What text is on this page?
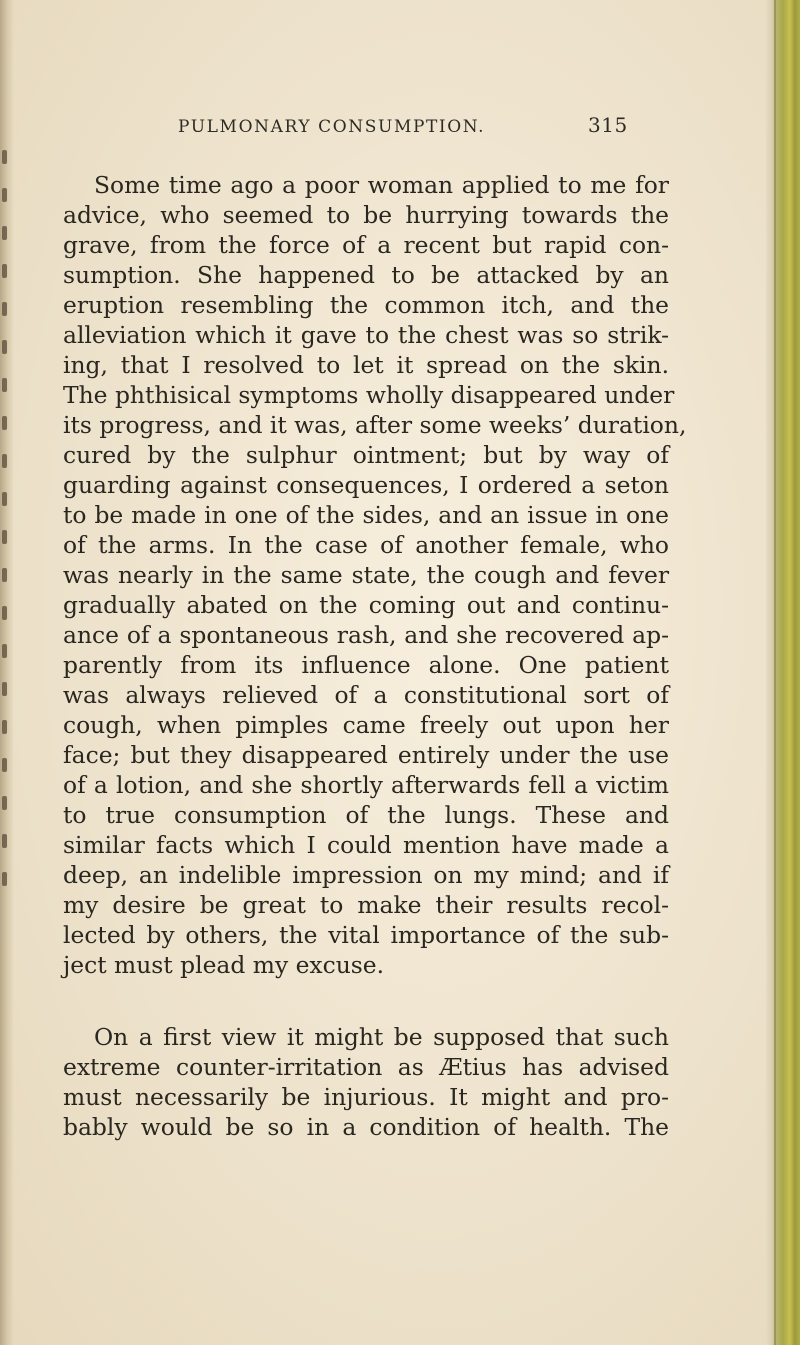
PULMONARY CONSUMPTION.	315
Some time ago a poor woman applied to me for
advice, who seemed to be hurrying towards the
grave, from the force of a recent but rapid con-
sumption. She happened to be attacked by an
eruption resembling the common itch, and the
alleviation which it gave to the chest was so strik-
ing, that I resolved to let it spread on the skin.
The phthisical symptoms wholly disappeared under
its progress, and it was, after some weeks’ duration,
cured by the sulphur ointment; but by way of
guarding against consequences, I ordered a seton
to be made in one of the sides, and an issue in one
of the arms. In the case of another female, who
was nearly in the same state, the cough and fever
gradually abated on the coming out and continu-
ance of a spontaneous rash, and she recovered ap-
parently from its influence alone. One patient
was always relieved of a constitutional sort of
cough, when pimples came freely out upon her
face; but they disappeared entirely under the use
of a lotion, and she shortly afterwards fell a victim
to true consumption of the lungs. These and
similar facts which I could mention have made a
deep, an indelible impression on my mind; and if
my desire be great to make their results recol-
lected by others, the vital importance of the sub-
ject must plead my excuse.
On a first view it might be supposed that such
extreme counter-irritation as Ætius has advised
must necessarily be injurious. It might and pro-
bably would be so in a condition of health. The
